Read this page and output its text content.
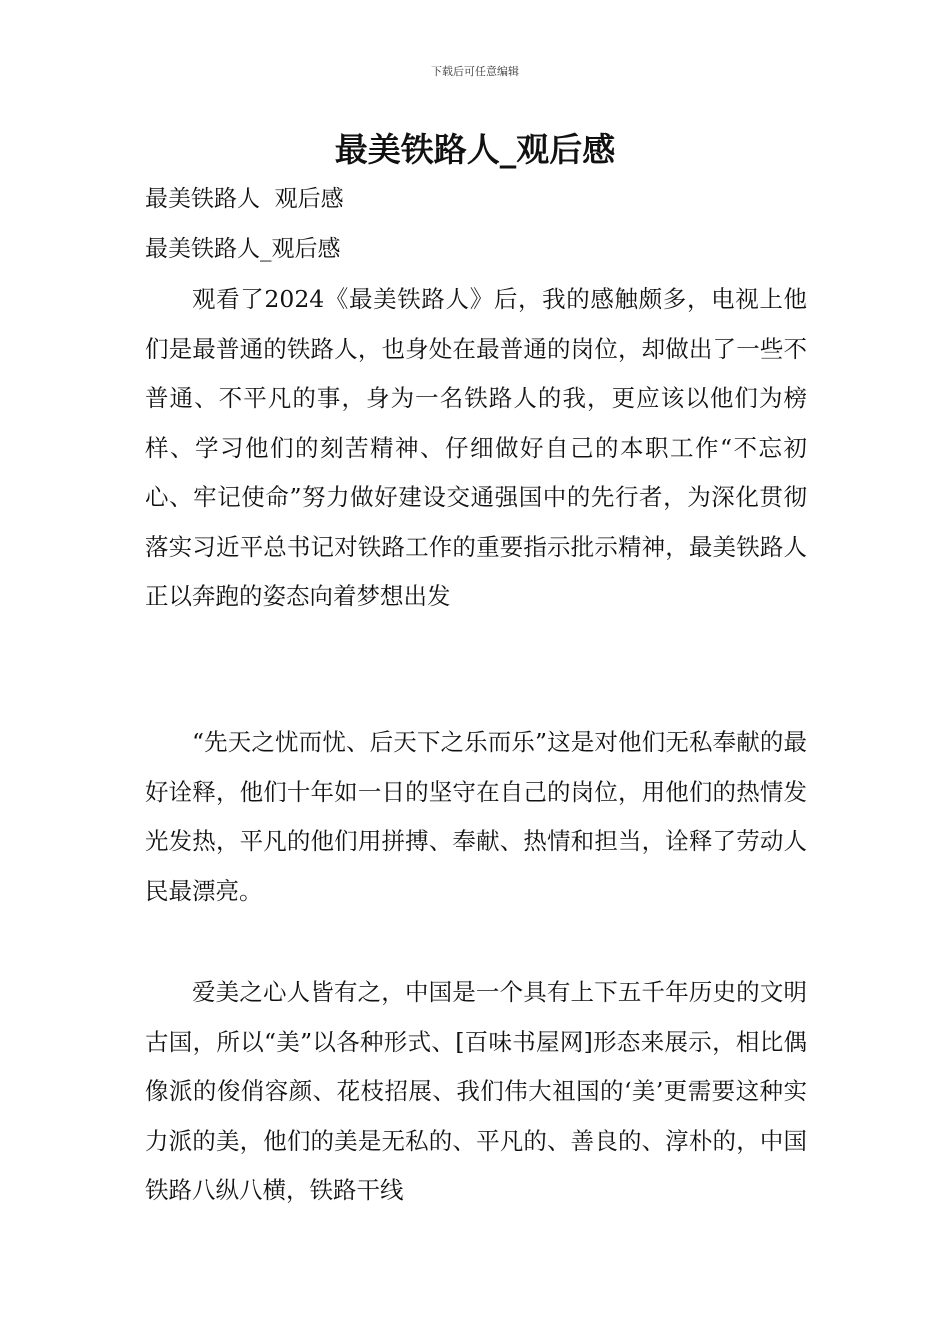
下载后可任意编辑
最美铁路人_观后感

最美铁路人  观后感

最美铁路人_观后感

观看了2024《最美铁路人》后，我的感触颇多，电视上他们是最普通的铁路人，也身处在最普通的岗位，却做出了一些不普通、不平凡的事，身为一名铁路人的我，更应该以他们为榜样、学习他们的刻苦精神、仔细做好自己的本职工作“不忘初心、牢记使命”努力做好建设交通强国中的先行者，为深化贯彻落实习近平总书记对铁路工作的重要指示批示精神，最美铁路人正以奔跑的姿态向着梦想出发

“先天之忧而忧、后天下之乐而乐”这是对他们无私奉献的最好诠释，他们十年如一日的坚守在自己的岗位，用他们的热情发光发热，平凡的他们用拼搏、奉献、热情和担当，诠释了劳动人民最漂亮。

爱美之心人皆有之，中国是一个具有上下五千年历史的文明古国，所以“美”以各种形式、[百味书屋网]形态来展示，相比偶像派的俊俏容颜、花枝招展、我们伟大祖国的‘美’更需要这种实力派的美，他们的美是无私的、平凡的、善良的、淳朴的，中国铁路八纵八横，铁路干线
